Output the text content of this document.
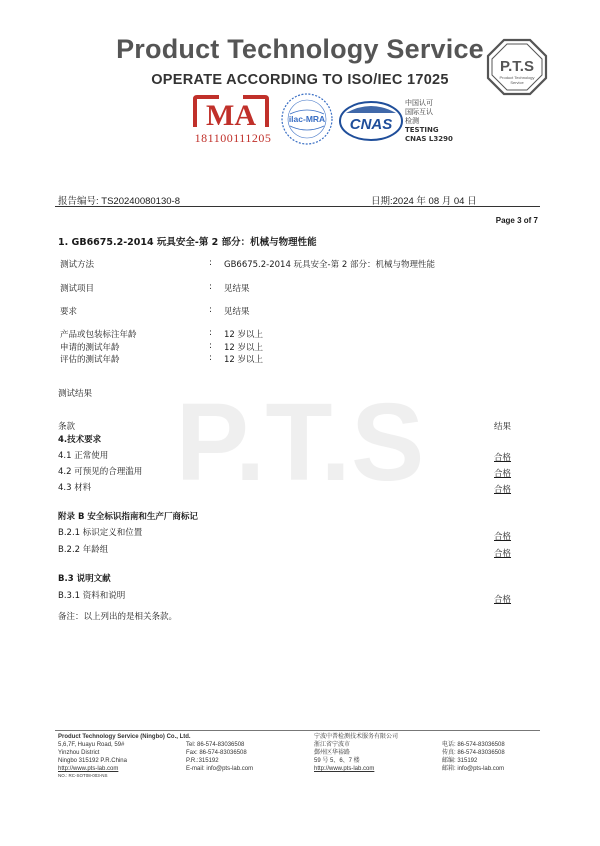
Product Technology Service
OPERATE ACCORDING TO ISO/IEC 17025
P.T.S
Product Technology
Service
MA
181100111205
ilac-MRA CNAS
中国认可
国际互认
检测
TESTING
CNAS L3290
报告编号: TS20240080130-8	日期:2024 年 08 月 04 日
Page 3 of 7
P.T.S
1. GB6675.2-2014 玩具安全-第 2 部分：机械与物理性能
测试方法	: GB6675.2-2014 玩具安全-第 2 部分：机械与物理性能
测试项目	: 见结果
要求	: 见结果
产品或包装标注年龄	: 12 岁以上
申请的测试年龄	: 12 岁以上
评估的测试年龄	: 12 岁以上
测试结果
条款	结果
4.技术要求
4.1 正常使用	合格
4.2 可预见的合理滥用	合格
4.3 材料	合格
附录 B 安全标识指南和生产厂商标记
B.2.1 标识定义和位置	合格
B.2.2 年龄组	合格
B.3 说明文献
B.3.1 资料和说明	合格
备注：以上列出的是相关条款。
Product Technology Service (Ningbo) Co., Ltd.
5,6,7F, Huayu Road, 59#
Yinzhou District
Ningbo 315192 P.R.China
http://www.pts-lab.com
NO.: RC-SOT08-003-NS
Tel: 86-574-83036508
Fax: 86-574-83036508
P.R.:315192
E-mail: info@pts-lab.com
宁波中普检测技术服务有限公司
浙江省宁波市
鄞州区华裕路
59 号 5、6、7 楼
http://www.pts-lab.com
电话: 86-574-83036508
传真: 86-574-83036508
邮编: 315192
邮箱: info@pts-lab.com
